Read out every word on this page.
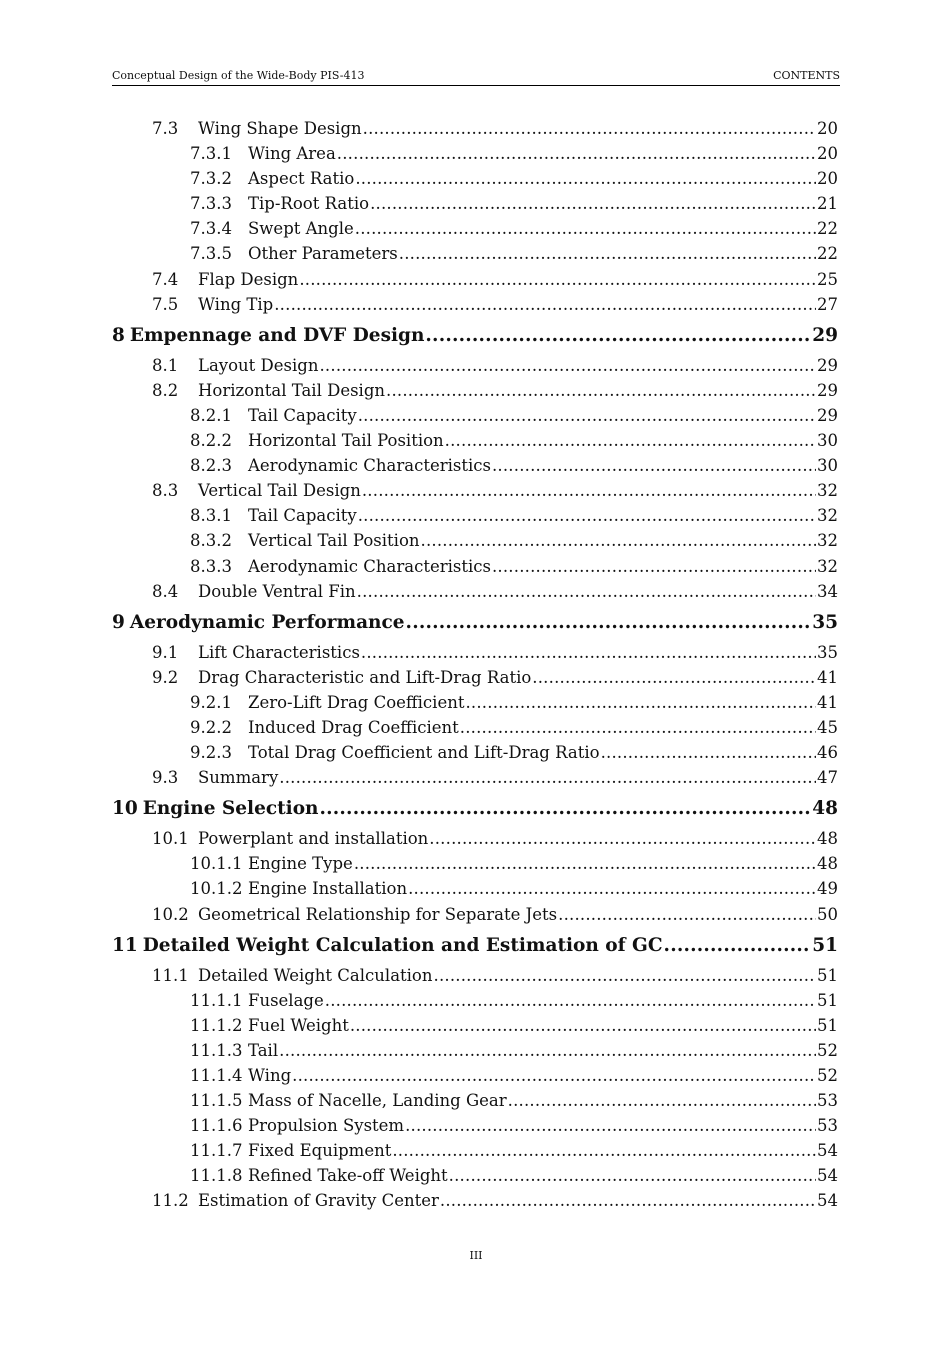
Conceptual Design of the Wide-Body PIS-413	CONTENTS
7.3 Wing Shape Design .....	20
7.3.1 Wing Area .....	20
7.3.2 Aspect Ratio .....	20
7.3.3 Tip-Root Ratio .....	21
7.3.4 Swept Angle .....	22
7.3.5 Other Parameters .....	22
7.4 Flap Design .....	25
7.5 Wing Tip .....	27
8 Empennage and DVF Design .....	29
8.1 Layout Design .....	29
8.2 Horizontal Tail Design .....	29
8.2.1 Tail Capacity .....	29
8.2.2 Horizontal Tail Position .....	30
8.2.3 Aerodynamic Characteristics .....	30
8.3 Vertical Tail Design .....	32
8.3.1 Tail Capacity .....	32
8.3.2 Vertical Tail Position .....	32
8.3.3 Aerodynamic Characteristics .....	32
8.4 Double Ventral Fin .....	34
9 Aerodynamic Performance .....	35
9.1 Lift Characteristics .....	35
9.2 Drag Characteristic and Lift-Drag Ratio .....	41
9.2.1 Zero-Lift Drag Coefficient .....	41
9.2.2 Induced Drag Coefficient .....	45
9.2.3 Total Drag Coefficient and Lift-Drag Ratio .....	46
9.3 Summary .....	47
10 Engine Selection .....	48
10.1 Powerplant and installation .....	48
10.1.1 Engine Type .....	48
10.1.2 Engine Installation .....	49
10.2 Geometrical Relationship for Separate Jets .....	50
11 Detailed Weight Calculation and Estimation of GC .....	51
11.1 Detailed Weight Calculation .....	51
11.1.1 Fuselage .....	51
11.1.2 Fuel Weight .....	51
11.1.3 Tail .....	52
11.1.4 Wing .....	52
11.1.5 Mass of Nacelle, Landing Gear .....	53
11.1.6 Propulsion System .....	53
11.1.7 Fixed Equipment .....	54
11.1.8 Refined Take-off Weight .....	54
11.2 Estimation of Gravity Center .....	54
III
